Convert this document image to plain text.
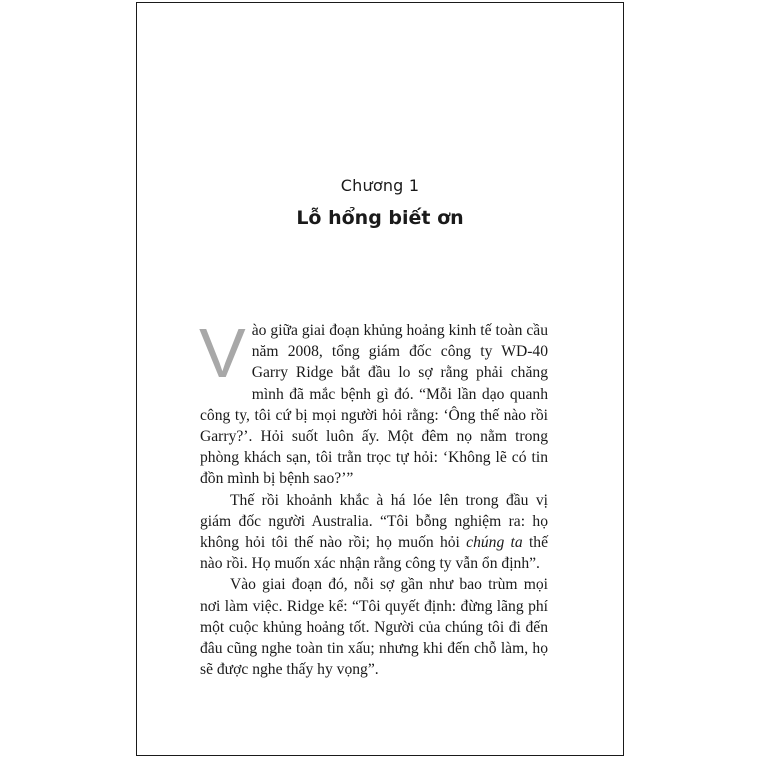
Chương 1
Lỗ hổng biết ơn

Vào giữa giai đoạn khủng hoảng kinh tế toàn cầu năm 2008, tổng giám đốc công ty WD-40 Garry Ridge bắt đầu lo sợ rằng phải chăng mình đã mắc bệnh gì đó. “Mỗi lần dạo quanh công ty, tôi cứ bị mọi người hỏi rằng: ‘Ông thế nào rồi Garry?’. Hỏi suốt luôn ấy. Một đêm nọ nằm trong phòng khách sạn, tôi trằn trọc tự hỏi: ‘Không lẽ có tin đồn mình bị bệnh sao?’”

Thế rồi khoảnh khắc à há lóe lên trong đầu vị giám đốc người Australia. “Tôi bỗng nghiệm ra: họ không hỏi tôi thế nào rồi; họ muốn hỏi chúng ta thế nào rồi. Họ muốn xác nhận rằng công ty vẫn ổn định”.

Vào giai đoạn đó, nỗi sợ gần như bao trùm mọi nơi làm việc. Ridge kể: “Tôi quyết định: đừng lãng phí một cuộc khủng hoảng tốt. Người của chúng tôi đi đến đâu cũng nghe toàn tin xấu; nhưng khi đến chỗ làm, họ sẽ được nghe thấy hy vọng”.
